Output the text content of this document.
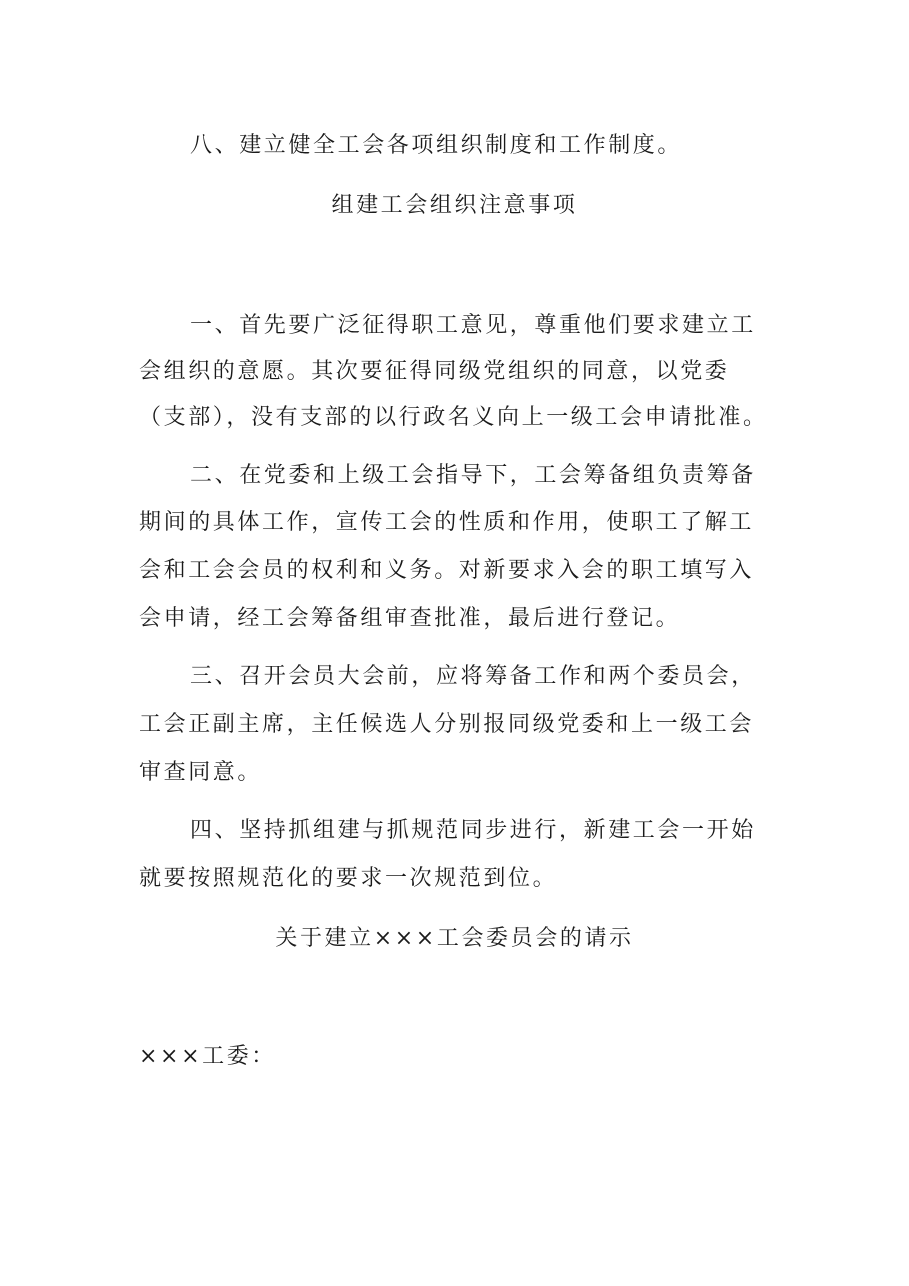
八、建立健全工会各项组织制度和工作制度。
组建工会组织注意事项
一、首先要广泛征得职工意见，尊重他们要求建立工
会组织的意愿。其次要征得同级党组织的同意，以党委
（支部），没有支部的以行政名义向上一级工会申请批准。
二、在党委和上级工会指导下，工会筹备组负责筹备
期间的具体工作，宣传工会的性质和作用，使职工了解工
会和工会会员的权利和义务。对新要求入会的职工填写入
会申请，经工会筹备组审查批准，最后进行登记。
三、召开会员大会前，应将筹备工作和两个委员会，
工会正副主席，主任候选人分别报同级党委和上一级工会
审查同意。
四、坚持抓组建与抓规范同步进行，新建工会一开始
就要按照规范化的要求一次规范到位。
关于建立×××工会委员会的请示
×××工委：
